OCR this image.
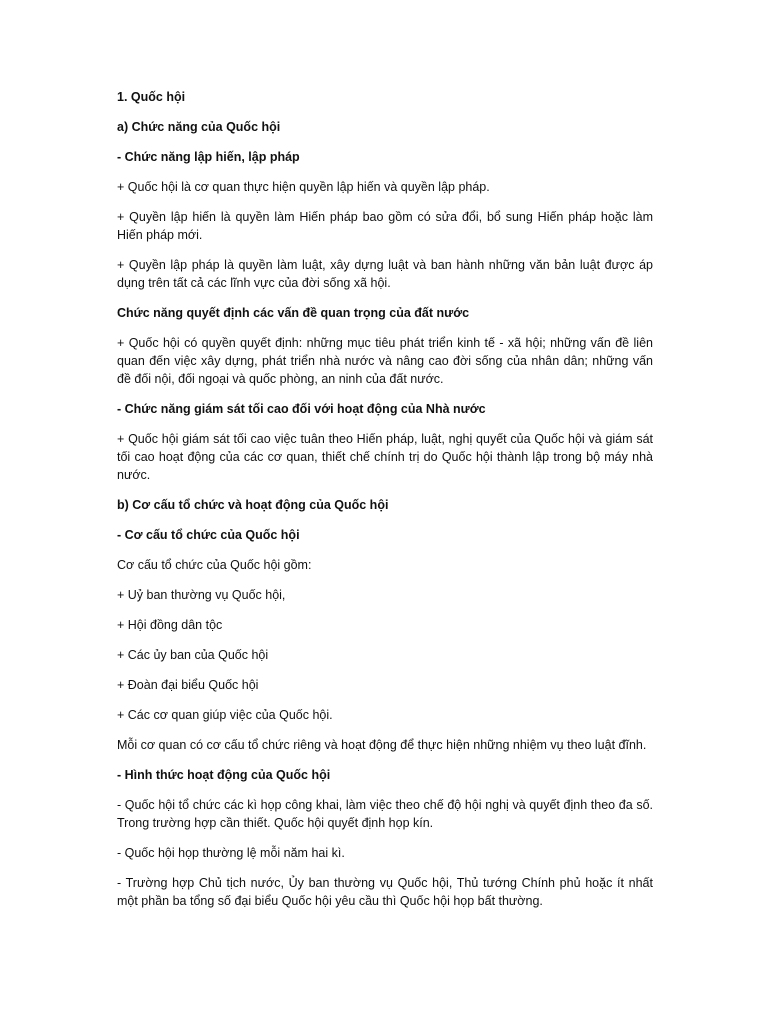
1. Quốc hội

a) Chức năng của Quốc hội

- Chức năng lập hiến, lập pháp

+ Quốc hội là cơ quan thực hiện quyền lập hiến và quyền lập pháp.

+ Quyền lập hiến là quyền làm Hiến pháp bao gồm có sửa đổi, bổ sung Hiến pháp hoặc làm Hiến pháp mới.

+ Quyền lập pháp là quyền làm luật, xây dựng luật và ban hành những văn bản luật được áp dụng trên tất cả các lĩnh vực của đời sống xã hội.

Chức năng quyết định các vấn đề quan trọng của đất nước

+ Quốc hội có quyền quyết định: những mục tiêu phát triển kinh tế - xã hội; những vấn đề liên quan đến việc xây dựng, phát triển nhà nước và nâng cao đời sống của nhân dân; những vấn đề đối nội, đối ngoại và quốc phòng, an ninh của đất nước.

- Chức năng giám sát tối cao đối với hoạt động của Nhà nước

+ Quốc hội giám sát tối cao việc tuân theo Hiến pháp, luật, nghị quyết của Quốc hội và giám sát tối cao hoạt động của các cơ quan, thiết chế chính trị do Quốc hội thành lập trong bộ máy nhà nước.

b) Cơ cấu tổ chức và hoạt động của Quốc hội

- Cơ cấu tổ chức của Quốc hội

Cơ cấu tổ chức của Quốc hội gồm:

+ Uỷ ban thường vụ Quốc hội,

+ Hội đồng dân tộc

+ Các ủy ban của Quốc hội

+ Đoàn đại biểu Quốc hội

+ Các cơ quan giúp việc của Quốc hội.

Mỗi cơ quan có cơ cấu tổ chức riêng và hoạt động để thực hiện những nhiệm vụ theo luật đĩnh.

- Hình thức hoạt động của Quốc hội

- Quốc hội tổ chức các kì họp công khai, làm việc theo chế độ hội nghị và quyết định theo đa số. Trong trường hợp cần thiết. Quốc hội quyết định họp kín.

- Quốc hội họp thường lệ mỗi năm hai kì.

- Trường hợp Chủ tịch nước, Ủy ban thường vụ Quốc hội, Thủ tướng Chính phủ hoặc ít nhất một phần ba tổng số đại biểu Quốc hội yêu cầu thì Quốc hội họp bất thường.
